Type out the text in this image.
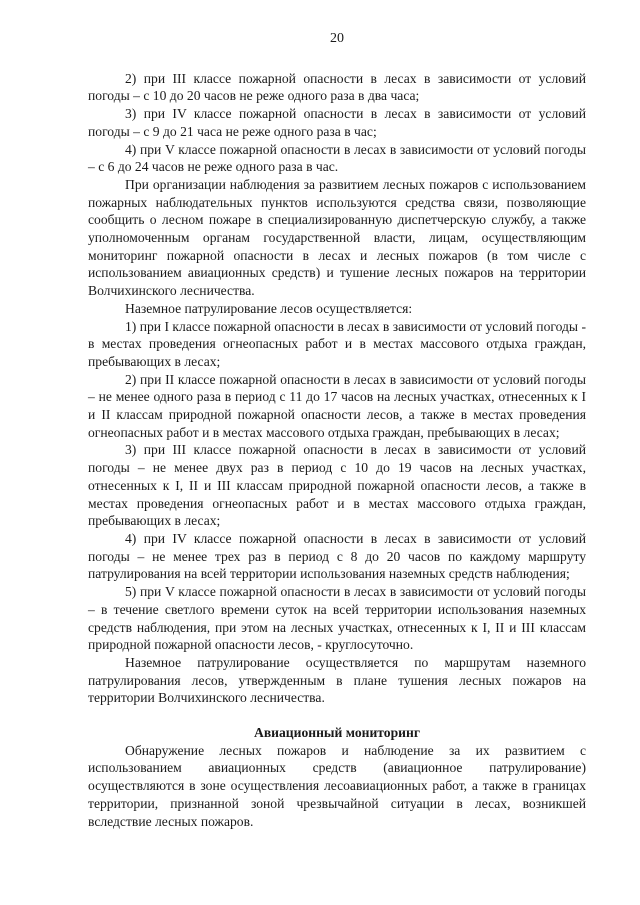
20

2) при III классе пожарной опасности в лесах в зависимости от условий погоды – с 10 до 20 часов не реже одного раза в два часа;

3) при IV классе пожарной опасности в лесах в зависимости от условий погоды – с 9 до 21 часа не реже одного раза в час;

4) при V классе пожарной опасности в лесах в зависимости от условий погоды – с 6 до 24 часов не реже одного раза в час.

При организации наблюдения за развитием лесных пожаров с использованием пожарных наблюдательных пунктов используются средства связи, позволяющие сообщить о лесном пожаре в специализированную диспетчерскую службу, а также уполномоченным органам государственной власти, лицам, осуществляющим мониторинг пожарной опасности в лесах и лесных пожаров (в том числе с использованием авиационных средств) и тушение лесных пожаров на территории Волчихинского лесничества.

Наземное патрулирование лесов осуществляется:

1) при I классе пожарной опасности в лесах в зависимости от условий погоды - в местах проведения огнеопасных работ и в местах массового отдыха граждан, пребывающих в лесах;

2) при II классе пожарной опасности в лесах в зависимости от условий погоды – не менее одного раза в период с 11 до 17 часов на лесных участках, отнесенных к I и II классам природной пожарной опасности лесов, а также в местах проведения огнеопасных работ и в местах массового отдыха граждан, пребывающих в лесах;

3) при III классе пожарной опасности в лесах в зависимости от условий погоды – не менее двух раз в период с 10 до 19 часов на лесных участках, отнесенных к I, II и III классам природной пожарной опасности лесов, а также в местах проведения огнеопасных работ и в местах массового отдыха граждан, пребывающих в лесах;

4) при IV классе пожарной опасности в лесах в зависимости от условий погоды – не менее трех раз в период с 8 до 20 часов по каждому маршруту патрулирования на всей территории использования наземных средств наблюдения;

5) при V классе пожарной опасности в лесах в зависимости от условий погоды – в течение светлого времени суток на всей территории использования наземных средств наблюдения, при этом на лесных участках, отнесенных к I, II и III классам природной пожарной опасности лесов, - круглосуточно.

Наземное патрулирование осуществляется по маршрутам наземного патрулирования лесов, утвержденным в плане тушения лесных пожаров на территории Волчихинского лесничества.

Авиационный мониторинг

Обнаружение лесных пожаров и наблюдение за их развитием с использованием авиационных средств (авиационное патрулирование) осуществляются в зоне осуществления лесоавиационных работ, а также в границах территории, признанной зоной чрезвычайной ситуации в лесах, возникшей вследствие лесных пожаров.
